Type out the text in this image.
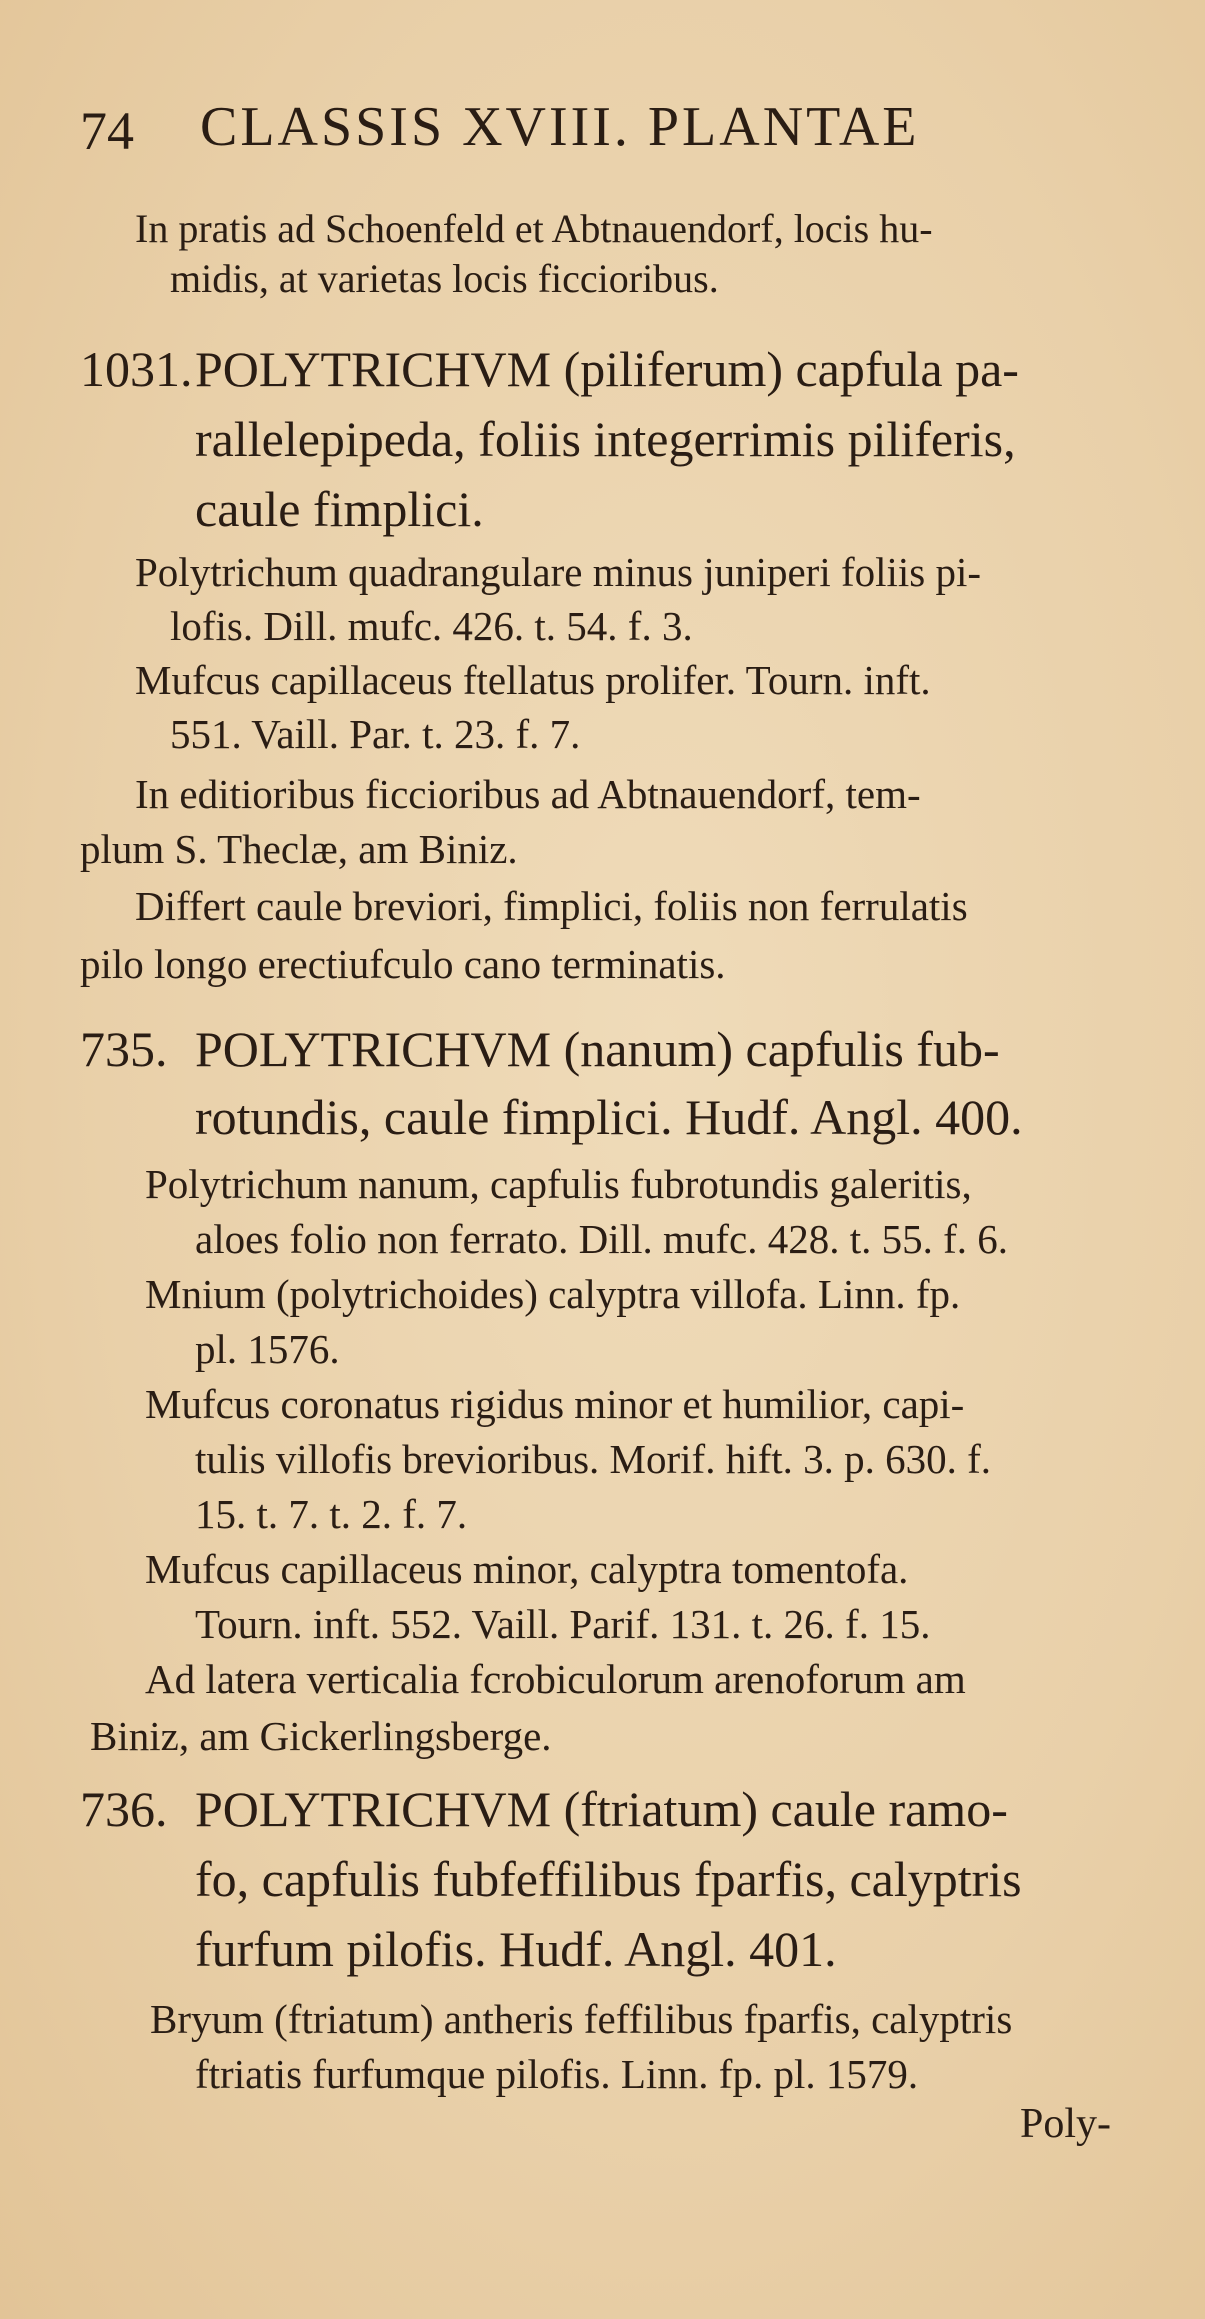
74 CLASSIS XVIII. PLANTAE
In pratis ad Schoenfeld et Abtnauendorf, locis hu-
midis, at varietas locis ficcioribus.
1031. POLYTRICHVM (piliferum) capfula pa-
rallelepipeda, foliis integerrimis piliferis,
caule fimplici.
Polytrichum quadrangulare minus juniperi foliis pi-
lofis. Dill. mufc. 426. t. 54. f. 3.
Mufcus capillaceus ftellatus prolifer. Tourn. inft.
551. Vaill. Par. t. 23. f. 7.
In editioribus ficcioribus ad Abtnauendorf, tem-
plum S. Theclæ, am Biniz.
Differt caule breviori, fimplici, foliis non ferrulatis
pilo longo erectiufculo cano terminatis.
735. POLYTRICHVM (nanum) capfulis fub-
rotundis, caule fimplici. Hudf. Angl. 400.
Polytrichum nanum, capfulis fubrotundis galeritis,
aloes folio non ferrato. Dill. mufc. 428. t. 55. f. 6.
Mnium (polytrichoides) calyptra villofa. Linn. fp.
pl. 1576.
Mufcus coronatus rigidus minor et humilior, capi-
tulis villofis brevioribus. Morif. hift. 3. p. 630. f.
15. t. 7. t. 2. f. 7.
Mufcus capillaceus minor, calyptra tomentofa.
Tourn. inft. 552. Vaill. Parif. 131. t. 26. f. 15.
Ad latera verticalia fcrobiculorum arenoforum am
Biniz, am Gickerlingsberge.
736. POLYTRICHVM (ftriatum) caule ramo-
fo, capfulis fubfeffilibus fparfis, calyptris
furfum pilofis. Hudf. Angl. 401.
Bryum (ftriatum) antheris feffilibus fparfis, calyptris
ftriatis furfumque pilofis. Linn. fp. pl. 1579.
Poly-
